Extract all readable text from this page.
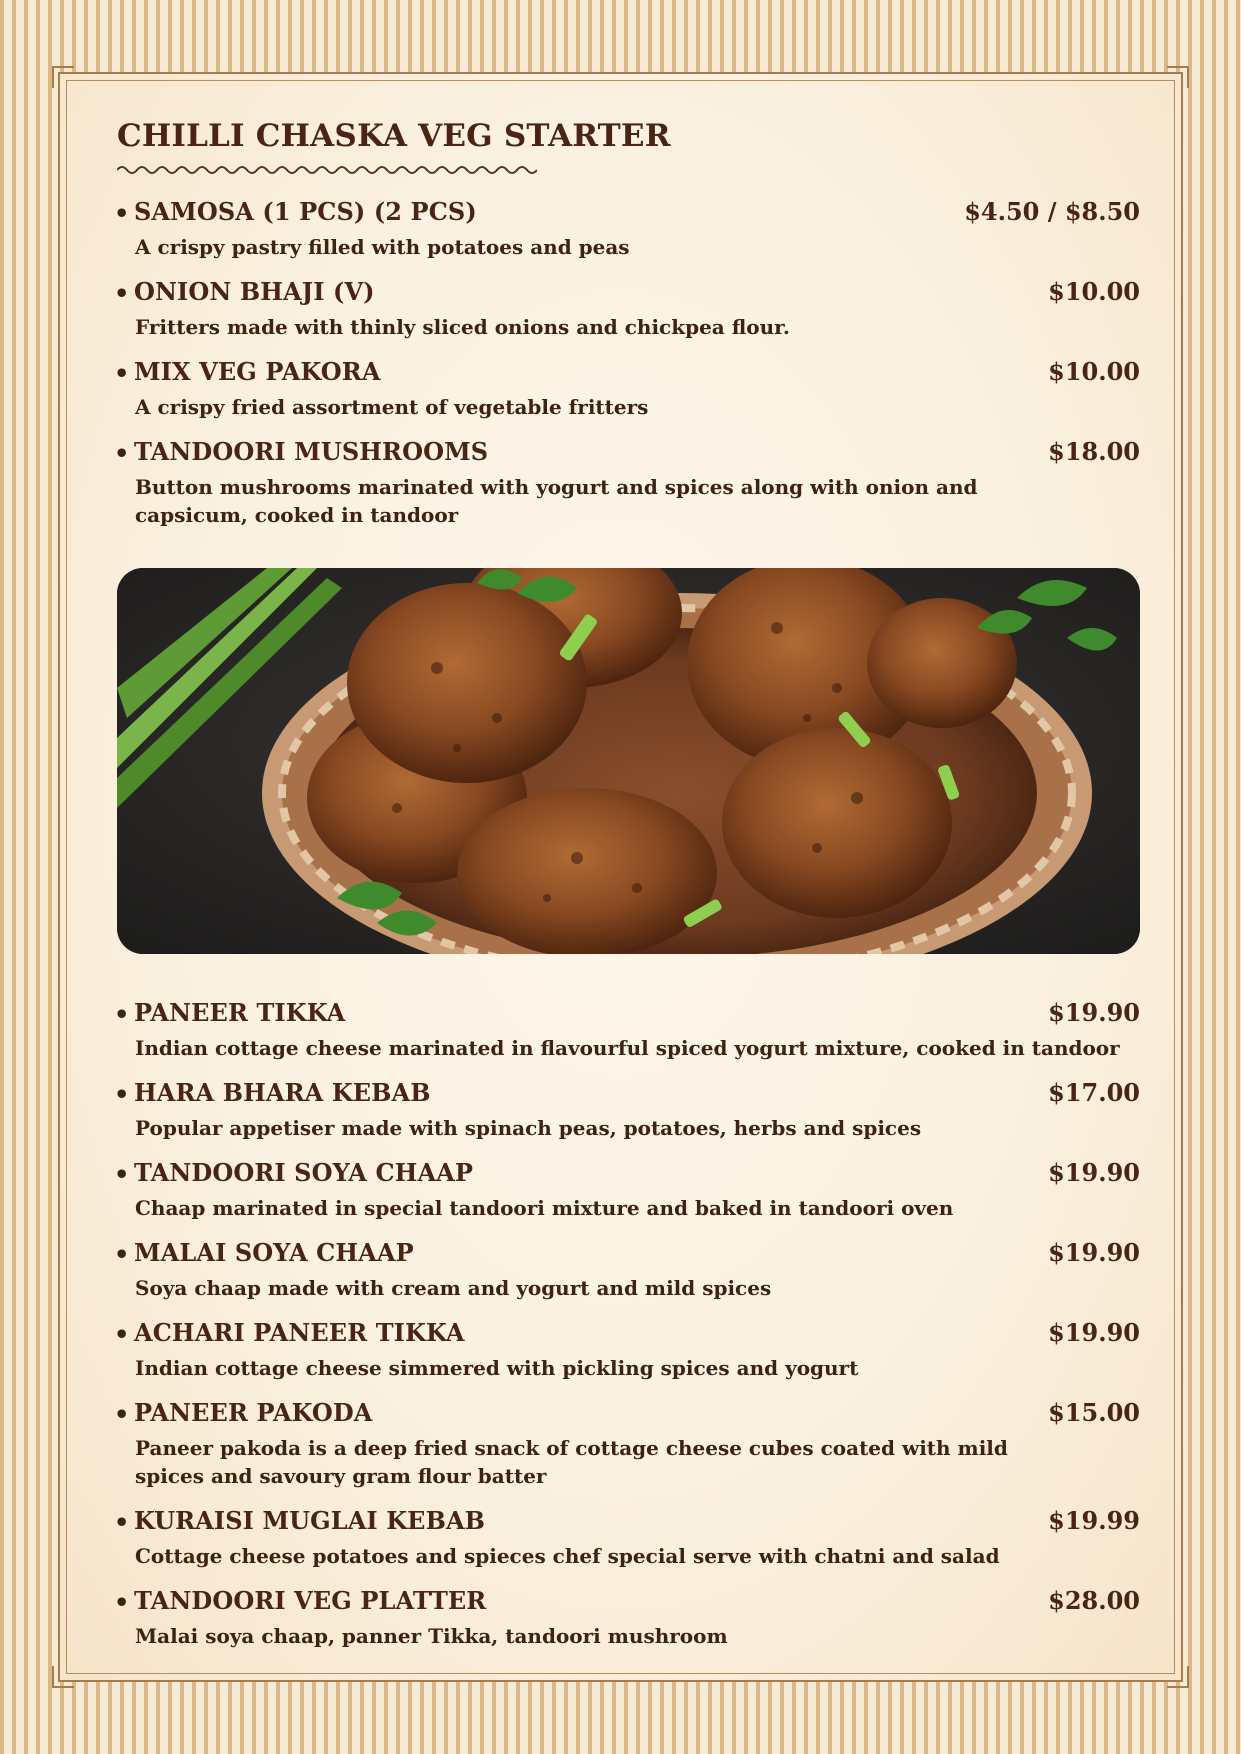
CHILLI CHASKA VEG STARTER
• SAMOSA (1 PCS) (2 PCS)	$4.50 / $8.50
A crispy pastry filled with potatoes and peas
• ONION BHAJI (V)	$10.00
Fritters made with thinly sliced onions and chickpea flour.
• MIX VEG PAKORA	$10.00
A crispy fried assortment of vegetable fritters
• TANDOORI MUSHROOMS	$18.00
Button mushrooms marinated with yogurt and spices along with onion and capsicum, cooked in tandoor
• PANEER TIKKA	$19.90
Indian cottage cheese marinated in flavourful spiced yogurt mixture, cooked in tandoor
• HARA BHARA KEBAB	$17.00
Popular appetiser made with spinach peas, potatoes, herbs and spices
• TANDOORI SOYA CHAAP	$19.90
Chaap marinated in special tandoori mixture and baked in tandoori oven
• MALAI SOYA CHAAP	$19.90
Soya chaap made with cream and yogurt and mild spices
• ACHARI PANEER TIKKA	$19.90
Indian cottage cheese simmered with pickling spices and yogurt
• PANEER PAKODA	$15.00
Paneer pakoda is a deep fried snack of cottage cheese cubes coated with mild spices and savoury gram flour batter
• KURAISI MUGLAI KEBAB	$19.99
Cottage cheese potatoes and spieces chef special serve with chatni and salad
• TANDOORI VEG PLATTER	$28.00
Malai soya chaap, panner Tikka, tandoori mushroom
